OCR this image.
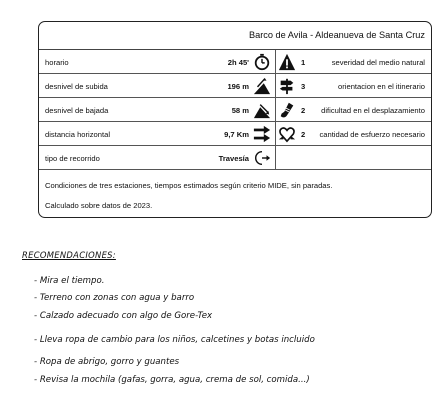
Barco de Avila - Aldeanueva de Santa Cruz
horario	2h 45'	1	severidad del medio natural
desnivel de subida	196 m	3	orientacion en el itinerario
desnivel de bajada	58 m	2 dificultad en el desplazamiento
distancia horizontal	9,7 Km	2 cantidad de esfuerzo necesario
tipo de recorrido	Travesía
Condiciones de tres estaciones, tiempos estimados según criterio MIDE, sin paradas.
Calculado sobre datos de 2023.
RECOMENDACIONES:
- Mira el tiempo.
- Terreno con zonas con agua y barro
- Calzado adecuado con algo de Gore-Tex
- Lleva ropa de cambio para los niños, calcetines y botas incluido
- Ropa de abrigo, gorro y guantes
- Revisa la mochila (gafas, gorra, agua, crema de sol, comida...)
